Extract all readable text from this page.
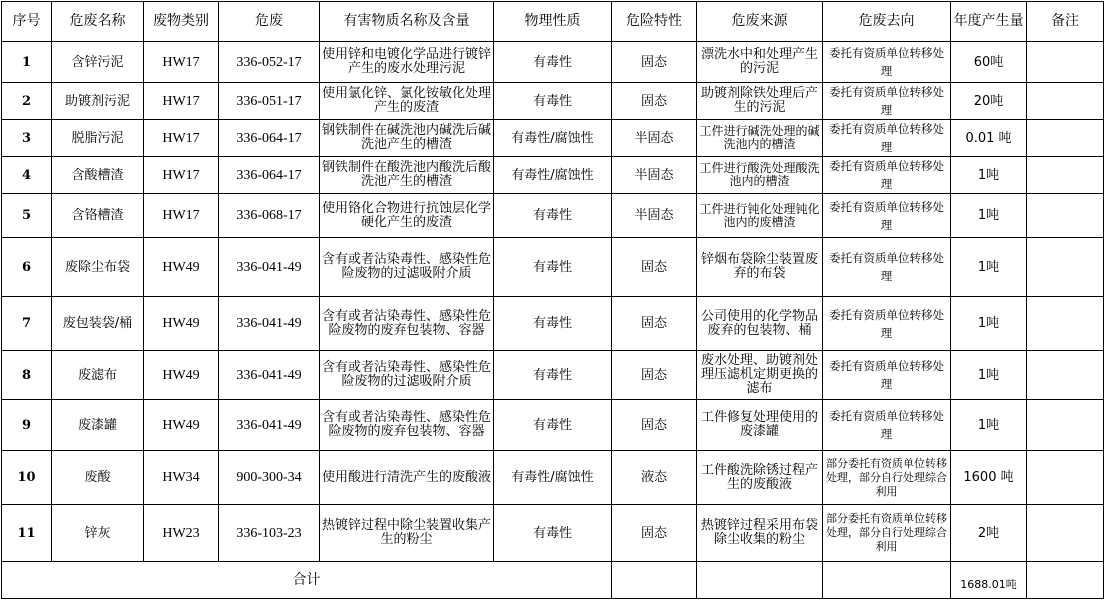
序号	危废名称	废物类别	危废	有害物质名称及含量	物理性质	危险特性	危废来源	危废去向	年度产生量	备注
1	含锌污泥	HW17	336-052-17	使用锌和电镀化学品进行镀锌产生的废水处理污泥	有毒性	固态	漂洗水中和处理产生的污泥	委托有资质单位转移处理	60吨	
2	助镀剂污泥	HW17	336-051-17	使用氯化锌、氯化铵敏化处理产生的废渣	有毒性	固态	助镀剂除铁处理后产生的污泥	委托有资质单位转移处理	20吨	
3	脱脂污泥	HW17	336-064-17	钢铁制件在碱洗池内碱洗后碱洗池产生的槽渣	有毒性/腐蚀性	半固态	工件进行碱洗处理的碱洗池内的槽渣	委托有资质单位转移处理	0.01 吨	
4	含酸槽渣	HW17	336-064-17	钢铁制件在酸洗池内酸洗后酸洗池产生的槽渣	有毒性/腐蚀性	半固态	工件进行酸洗处理酸洗池内的槽渣	委托有资质单位转移处理	1吨	
5	含铬槽渣	HW17	336-068-17	使用铬化合物进行抗蚀层化学硬化产生的废渣	有毒性	半固态	工件进行钝化处理钝化池内的废槽渣	委托有资质单位转移处理	1吨	
6	废除尘布袋	HW49	336-041-49	含有或者沾染毒性、感染性危险废物的过滤吸附介质	有毒性	固态	锌烟布袋除尘装置废弃的布袋	委托有资质单位转移处理	1吨	
7	废包装袋/桶	HW49	336-041-49	含有或者沾染毒性、感染性危险废物的废弃包装物、容器	有毒性	固态	公司使用的化学物品废弃的包装物、桶	委托有资质单位转移处理	1吨	
8	废滤布	HW49	336-041-49	含有或者沾染毒性、感染性危险废物的过滤吸附介质	有毒性	固态	废水处理、助镀剂处理压滤机定期更换的滤布	委托有资质单位转移处理	1吨	
9	废漆罐	HW49	336-041-49	含有或者沾染毒性、感染性危险废物的废弃包装物、容器	有毒性	固态	工件修复处理使用的废漆罐	委托有资质单位转移处理	1吨	
10	废酸	HW34	900-300-34	使用酸进行清洗产生的废酸液	有毒性/腐蚀性	液态	工件酸洗除锈过程产生的废酸液	部分委托有资质单位转移处理，部分自行处理综合利用	1600 吨	
11	锌灰	HW23	336-103-23	热镀锌过程中除尘装置收集产生的粉尘	有毒性	固态	热镀锌过程采用布袋除尘收集的粉尘	部分委托有资质单位转移处理，部分自行处理综合利用	2吨	
合计									1688.01吨	
